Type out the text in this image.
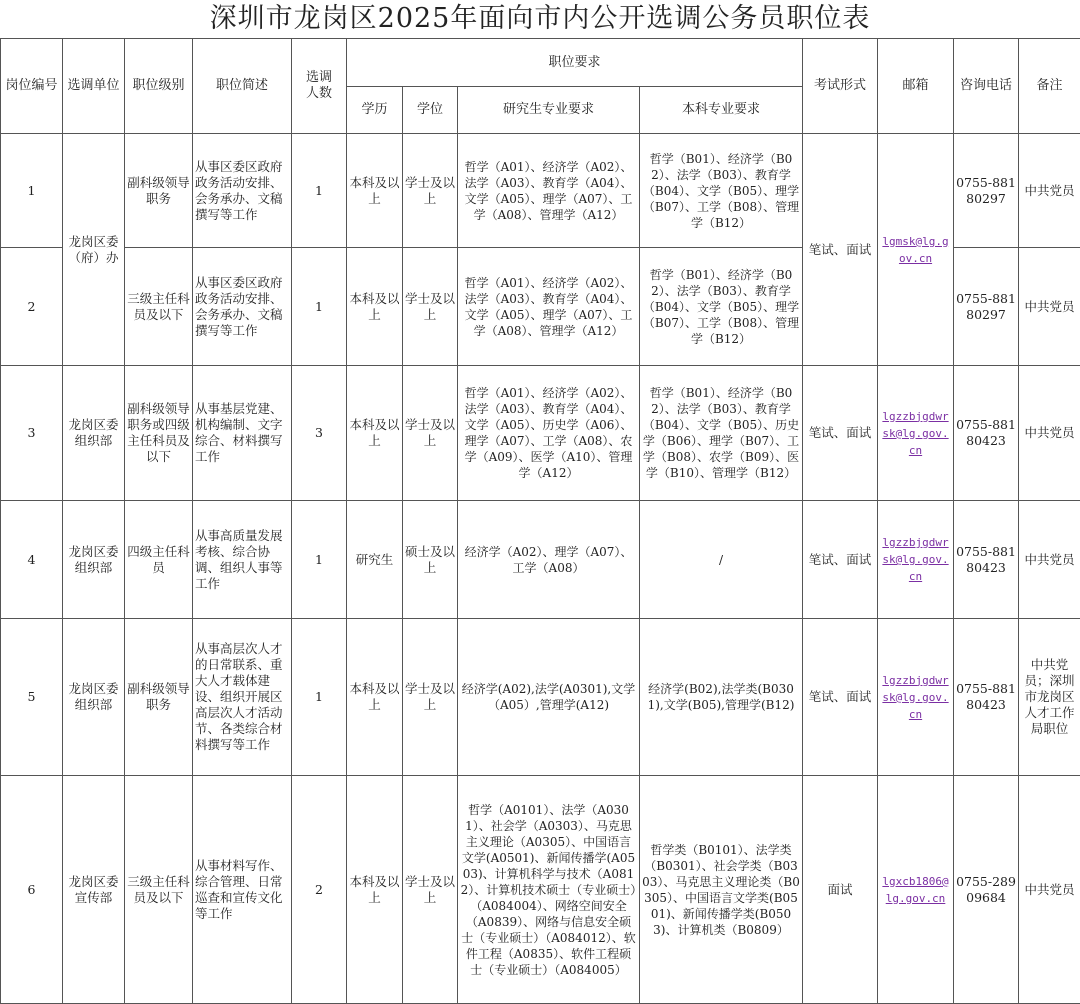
深圳市龙岗区2025年面向市内公开选调公务员职位表
岗位编号	选调单位	职位级别	职位简述	选调人数	职位要求				考试形式	邮箱	咨询电话	备注
					学历	学位	研究生专业要求	本科专业要求				
1	龙岗区委（府）办	副科级领导职务	从事区委区政府政务活动安排、会务承办、文稿撰写等工作	1	本科及以上	学士及以上	哲学（A01）、经济学（A02）、法学（A03）、教育学（A04）、文学（A05）、理学（A07）、工学（A08）、管理学（A12）	哲学（B01）、经济学（B02）、法学（B03）、教育学（B04）、文学（B05）、理学（B07）、工学（B08）、管理学（B12）	笔试、面试	lgmsk@lg.gov.cn	0755-88180297	中共党员
2		三级主任科员及以下	从事区委区政府政务活动安排、会务承办、文稿撰写等工作	1	本科及以上	学士及以上	哲学（A01）、经济学（A02）、法学（A03）、教育学（A04）、文学（A05）、理学（A07）、工学（A08）、管理学（A12）	哲学（B01）、经济学（B02）、法学（B03）、教育学（B04）、文学（B05）、理学（B07）、工学（B08）、管理学（B12）			0755-88180297	中共党员
3	龙岗区委组织部	副科级领导职务或四级主任科员及以下	从事基层党建、机构编制、文字综合、材料撰写工作	3	本科及以上	学士及以上	哲学（A01）、经济学（A02）、法学（A03）、教育学（A04）、文学（A05）、历史学（A06）、理学（A07）、工学（A08）、农学（A09）、医学（A10）、管理学（A12）	哲学（B01）、经济学（B02）、法学（B03）、教育学（B04）、文学（B05）、历史学（B06）、理学（B07）、工学（B08）、农学（B09）、医学（B10）、管理学（B12）	笔试、面试	lgzzbjgdwrsk@lg.gov.cn	0755-88180423	中共党员
4	龙岗区委组织部	四级主任科员	从事高质量发展考核、综合协调、组织人事等工作	1	研究生	硕士及以上	经济学（A02）、理学（A07）、工学（A08）	/	笔试、面试	lgzzbjgdwrsk@lg.gov.cn	0755-88180423	中共党员
5	龙岗区委组织部	副科级领导职务	从事高层次人才的日常联系、重大人才载体建设、组织开展区高层次人才活动节、各类综合材料撰写等工作	1	本科及以上	学士及以上	经济学(A02),法学(A0301),文学（A05）,管理学(A12)	经济学(B02),法学类(B0301),文学(B05),管理学(B12)	笔试、面试	lgzzbjgdwrsk@lg.gov.cn	0755-88180423	中共党员；深圳市龙岗区人才工作局职位
6	龙岗区委宣传部	三级主任科员及以下	从事材料写作、综合管理、日常巡查和宣传文化等工作	2	本科及以上	学士及以上	哲学（A0101）、法学（A0301）、社会学（A0303）、马克思主义理论（A0305）、中国语言文学(A0501)、新闻传播学(A0503)、计算机科学与技术（A0812）、计算机技术硕士（专业硕士）（A084004）、网络空间安全（A0839）、网络与信息安全硕士（专业硕士）（A084012）、软件工程（A0835）、软件工程硕士（专业硕士）（A084005）	哲学类（B0101）、法学类（B0301）、社会学类（B0303）、马克思主义理论类（B0305）、中国语言文学类(B0501)、新闻传播学类(B0503)、计算机类（B0809）	面试	lgxcb1806@lg.gov.cn	0755-28909684	中共党员
